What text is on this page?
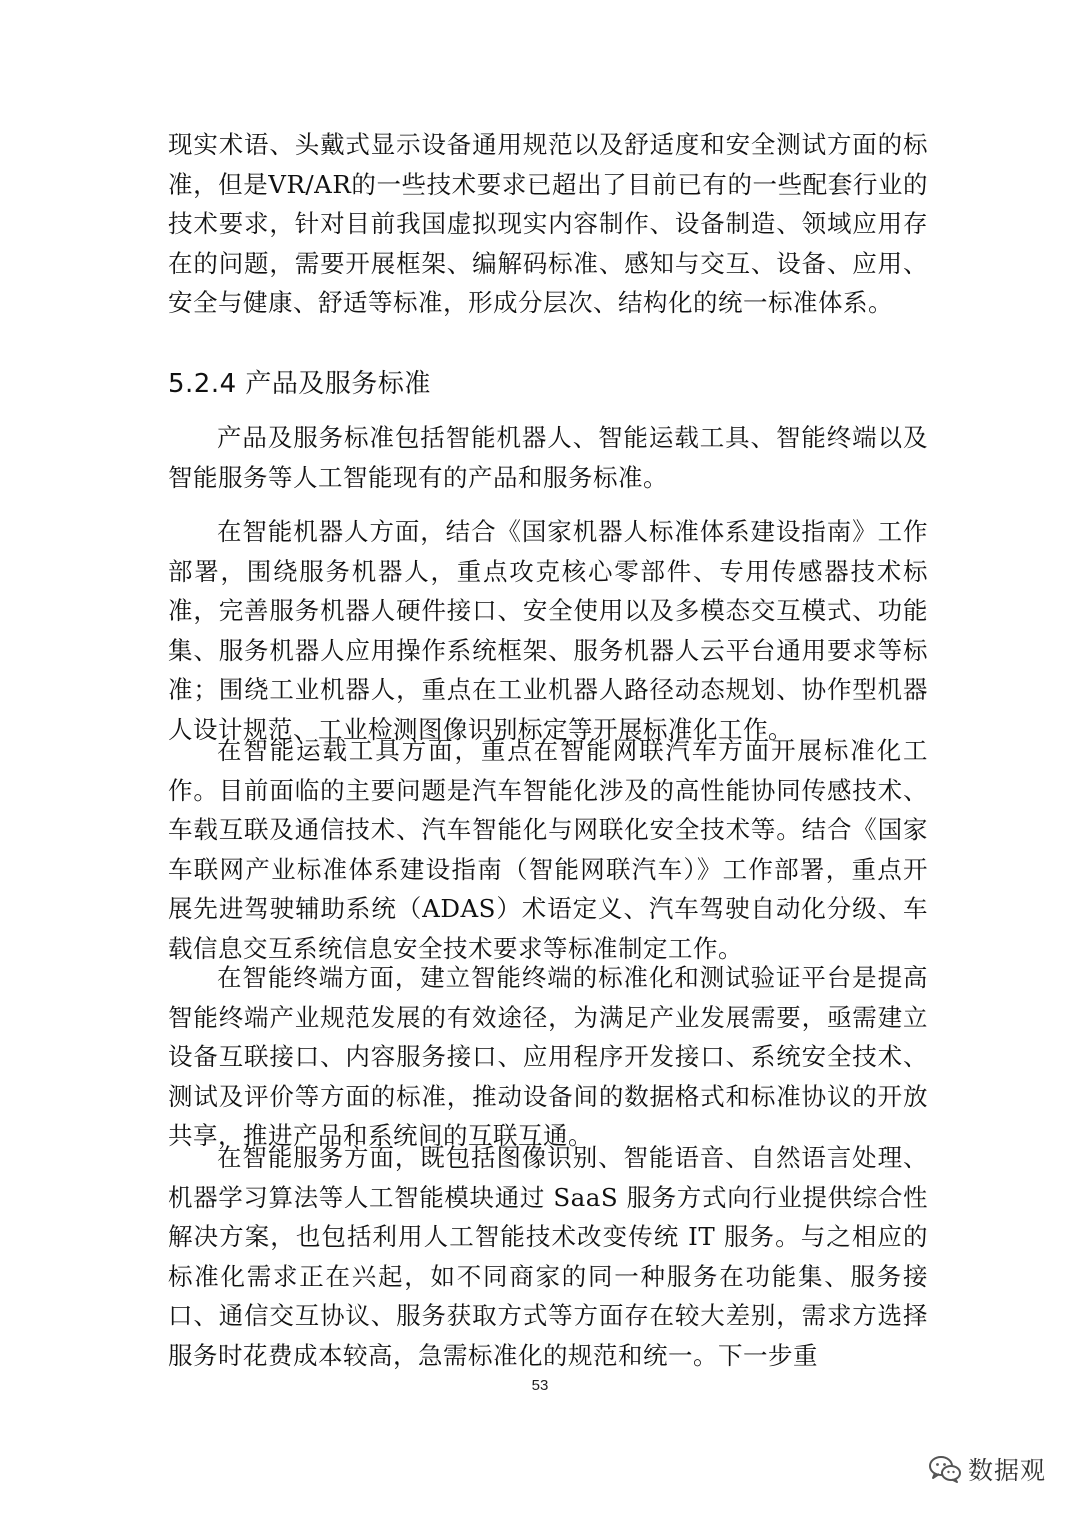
现实术语、头戴式显示设备通用规范以及舒适度和安全测试方面的标准，但是VR/AR的一些技术要求已超出了目前已有的一些配套行业的技术要求，针对目前我国虚拟现实内容制作、设备制造、领域应用存在的问题，需要开展框架、编解码标准、感知与交互、设备、应用、安全与健康、舒适等标准，形成分层次、结构化的统一标准体系。

5.2.4 产品及服务标准

产品及服务标准包括智能机器人、智能运载工具、智能终端以及智能服务等人工智能现有的产品和服务标准。

在智能机器人方面，结合《国家机器人标准体系建设指南》工作部署，围绕服务机器人，重点攻克核心零部件、专用传感器技术标准，完善服务机器人硬件接口、安全使用以及多模态交互模式、功能集、服务机器人应用操作系统框架、服务机器人云平台通用要求等标准；围绕工业机器人，重点在工业机器人路径动态规划、协作型机器人设计规范、工业检测图像识别标定等开展标准化工作。

在智能运载工具方面，重点在智能网联汽车方面开展标准化工作。目前面临的主要问题是汽车智能化涉及的高性能协同传感技术、车载互联及通信技术、汽车智能化与网联化安全技术等。结合《国家车联网产业标准体系建设指南（智能网联汽车）》工作部署，重点开展先进驾驶辅助系统（ADAS）术语定义、汽车驾驶自动化分级、车载信息交互系统信息安全技术要求等标准制定工作。

在智能终端方面，建立智能终端的标准化和测试验证平台是提高智能终端产业规范发展的有效途径，为满足产业发展需要，亟需建立设备互联接口、内容服务接口、应用程序开发接口、系统安全技术、测试及评价等方面的标准，推动设备间的数据格式和标准协议的开放共享，推进产品和系统间的互联互通。

在智能服务方面，既包括图像识别、智能语音、自然语言处理、机器学习算法等人工智能模块通过 SaaS 服务方式向行业提供综合性解决方案，也包括利用人工智能技术改变传统 IT 服务。与之相应的标准化需求正在兴起，如不同商家的同一种服务在功能集、服务接口、通信交互协议、服务获取方式等方面存在较大差别，需求方选择服务时花费成本较高，急需标准化的规范和统一。下一步重

53
数据观
